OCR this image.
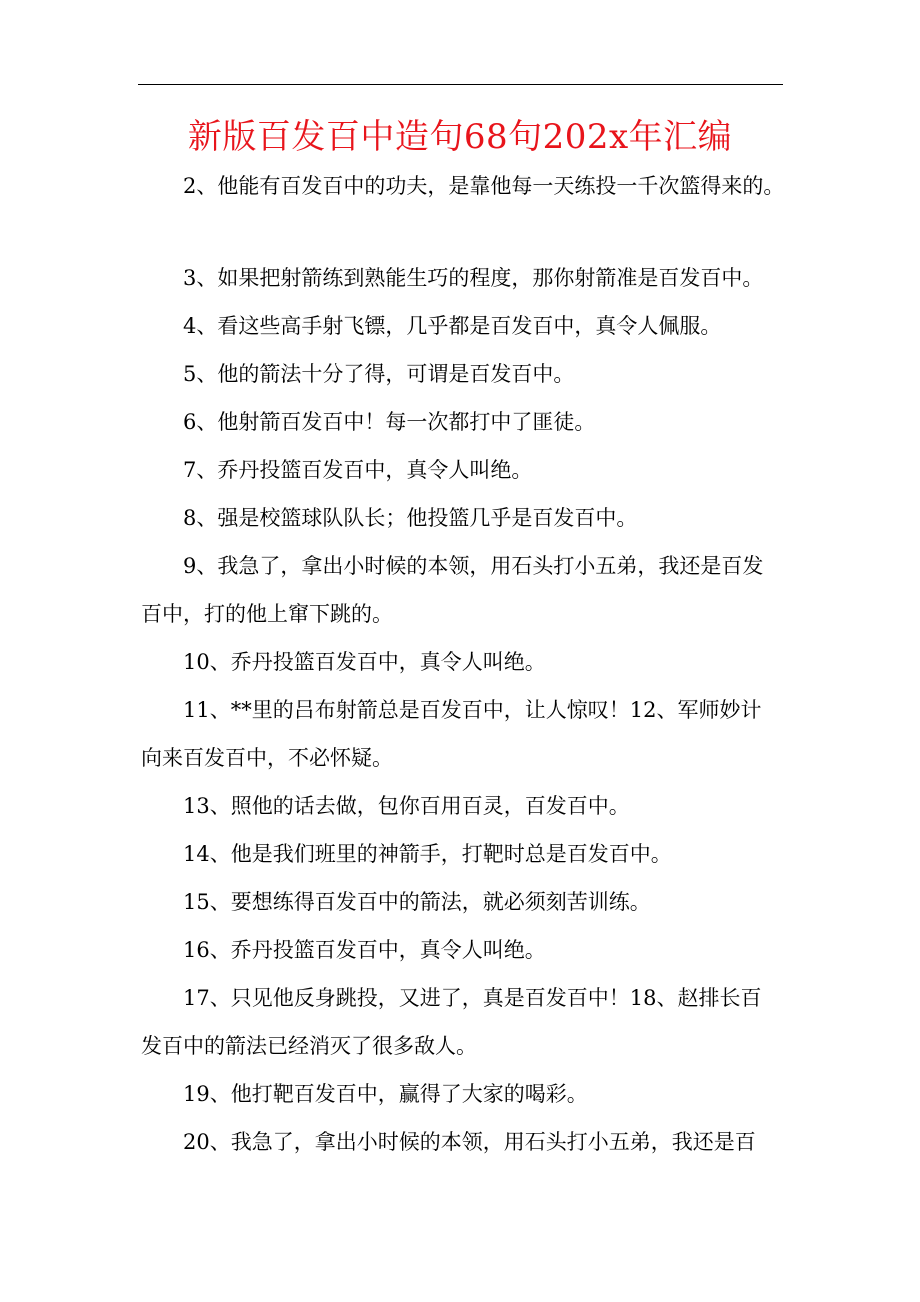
新版百发百中造句68句202x年汇编

2、他能有百发百中的功夫，是靠他每一天练投一千次篮得来的。

3、如果把射箭练到熟能生巧的程度，那你射箭准是百发百中。

4、看这些高手射飞镖，几乎都是百发百中，真令人佩服。

5、他的箭法十分了得，可谓是百发百中。

6、他射箭百发百中！每一次都打中了匪徒。

7、乔丹投篮百发百中，真令人叫绝。

8、强是校篮球队队长；他投篮几乎是百发百中。

9、我急了，拿出小时候的本领，用石头打小五弟，我还是百发百中，打的他上窜下跳的。

10、乔丹投篮百发百中，真令人叫绝。

11、**里的吕布射箭总是百发百中，让人惊叹！12、军师妙计向来百发百中，不必怀疑。

13、照他的话去做，包你百用百灵，百发百中。

14、他是我们班里的神箭手，打靶时总是百发百中。

15、要想练得百发百中的箭法，就必须刻苦训练。

16、乔丹投篮百发百中，真令人叫绝。

17、只见他反身跳投，又进了，真是百发百中！18、赵排长百发百中的箭法已经消灭了很多敌人。

19、他打靶百发百中，赢得了大家的喝彩。

20、我急了，拿出小时候的本领，用石头打小五弟，我还是百
